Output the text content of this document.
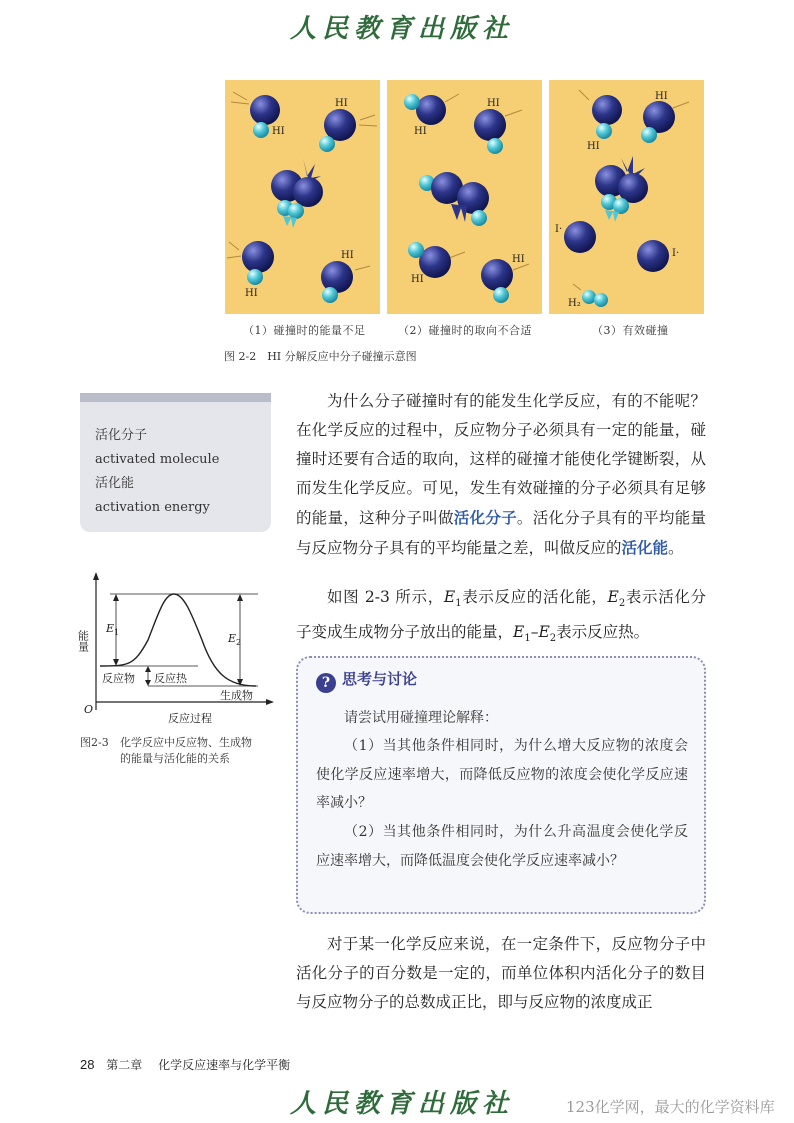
人民教育出版社
HI
HI
HI
HI
HI
HI
HI
HI
HI
HI
I·
I·
H₂
（1）碰撞时的能量不足	（2）碰撞时的取向不合适	（3）有效碰撞
图 2-2　HI 分解反应中分子碰撞示意图
活化分子
activated molecule
活化能
activation energy
$E_1$	$E_2$
反应物 反应热
生成物
O
反应过程
能量
图2-3 化学反应中反应物、生成物
的能量与活化能的关系
为什么分子碰撞时有的能发生化学反应，有的不能呢？在化学反应的过程中，反应物分子必须具有一定的能量，碰撞时还要有合适的取向，这样的碰撞才能使化学键断裂，从而发生化学反应。可见，发生有效碰撞的分子必须具有足够的能量，这种分子叫做活化分子。活化分子具有的平均能量与反应物分子具有的平均能量之差，叫做反应的活化能。
如图 2-3 所示，$E_1$表示反应的活化能，$E_2$表示活化分子变成生成物分子放出的能量，$E_1-E_2$表示反应热。
? 思考与讨论
请尝试用碰撞理论解释：
（1）当其他条件相同时，为什么增大反应物的浓度会使化学反应速率增大，而降低反应物的浓度会使化学反应速率减小？
（2）当其他条件相同时，为什么升高温度会使化学反应速率增大，而降低温度会使化学反应速率减小？
对于某一化学反应来说，在一定条件下，反应物分子中活化分子的百分数是一定的，而单位体积内活化分子的数目与反应物分子的总数成正比，即与反应物的浓度成正
28 第二章 化学反应速率与化学平衡
人民教育出版社	123化学网，最大的化学资料库
